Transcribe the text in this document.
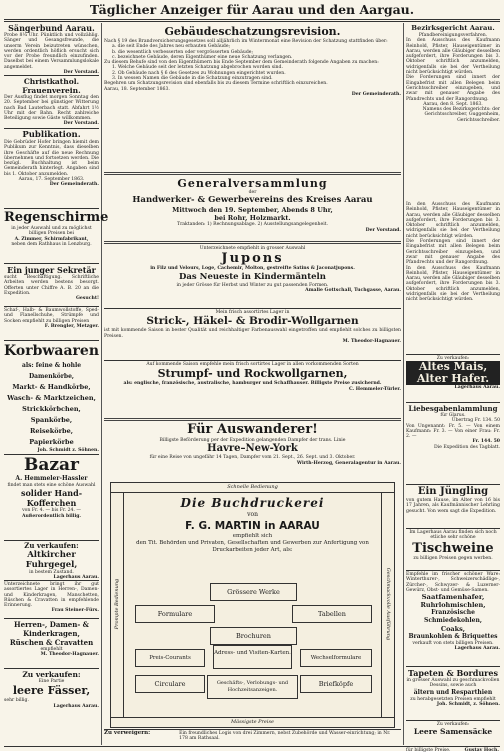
Täglicher Anzeiger für Aarau und den Aargau.

Sängerbund Aarau.

Probe 8¼ Uhr. Pünktlich und vollzählig. Sänger und Gesangsfreunde, die unserm Verein beizutreten wünschen, werden ordentlich höflich ersucht sich vor der Probe freundlich einzufinden. Daselbst bei einem Versammlungslokale angemeldet.

Der Vorstand.

Christkathol. Frauenverein.

Der Ausflug findet morgen Sonntag den 20. September bei günstiger Witterung nach Bad Lauterbach statt. Abfahrt 1½ Uhr mit der Bahn. Recht zahlreiche Beteiligung sowie Gäste willkommen.

Der Vorstand.

Publikation.

Die Gebrüder Hofer bringen hiemit dem Publikum zur Kenntnis, dass dieselben ihre Geschäfte auf die neue Rechnung übernehmen und fortsetzen werden. Die bezügl. Buchhaltung ist beim Gemeinderath hinterlegt. Angaben sind bis 1. Oktober anzumelden.

Aarau, 17. September 1863.

Der Gemeinderath.

Regenschirme

in jeder Auswahl und zu möglichst billigen Preisen bei

A. Zimmer, Schirmfabrikant,

neben dem Rathhaus in Lenzburg.

Ein junger Sekretär

sucht Beschäftigung. Schriftliche Arbeiten werden bestens besorgt. Offerten unter Chiffre A. B. 20 an die Expedition.

Gesucht!

Schaf-, Halb- & Baumwollstoffe, Sped- und Flanellschuhe, Strümpfe und Socken empfiehlt zu billigen Preisen

F. Brengler, Metzger.

Korbwaaren

als: feine & hohle Damenkörbe,

Markt- & Handkörbe,

Wasch- & Marktzeichen,

Strickkörbchen,

Spankörbe,

Reisekörbe,

Papierkörbe

Joh. Schmidt z. Söhnen.

Bazar

A. Hemmeler-Hassler

findet man stets eine schöne Auswahl

solider Hand-Kofferchen

von Fr. 4. — bis Fr. 24. —

Außerordentlich billig.

Zu verkaufen:

Altkircher Fuhrgegel,

in bestem Zustand.

Lagerhaus Aarau.

Unterzeichnete bringt ihr gut assortiertes Lager in Herren-, Damen- und Kinderkragen, Manschetten, Rüschen & Cravatten in empfehlende Erinnerung.

Frau Steiner-Fürs.

Herren-, Damen- & Kinderkragen,

Rüschen & Cravatten

empfiehlt

M. Theodor-Hagnauer.

Zu verkaufen:

Eine Partie

leere Fässer,

sehr billig.

Lagerhaus Aarau.

Gebäudeschatzungsrevision.

Nach § 19 des Brandversicherungsgesetzes soll alljährlich im Wintermonat eine Revision der Schatzung stattfinden über:

a. die seit Ende des Jahres neu erbauten Gebäude;

b. die wesentlich verbesserten oder vergrösserten Gebäude;

c. bezeichnete Gebäude, deren Eigenthümer eine neue Schatzung verlangen.

Zu diesem Behufe sind von den Eigenthümern bis Ende September dem Gemeinderath folgende Angaben zu machen:

1. Welche Gebäude seit der letzten Schatzung abgebrochen worden sind.

2. Ob Gebäude nach § 6 des Gesetzes zu Wohnungen eingerichtet wurden.

3. In wessen Namen die Gebäude in die Schatzung einzutragen sind.

Begehren um Schatzungsrevision sind ebenfalls bis zu diesem Termine schriftlich einzureichen.

Aarau, 18. September 1863.

Der Gemeinderath.

Generalversammlung

der

Handwerker- & Gewerbevereins des Kreises Aarau

Mittwoch den 19. September, Abends 8 Uhr,

bei Rohr, Holzmarkt.

Traktanden: 1) Rechnungsablage. 2) Ausstellungsangelegenheit.

Der Vorstand.

Unterzeichnete empfiehlt in grosser Auswahl

Jupons

in Filz und Velours, Loge, Cachemir, Molton, gestreifte Satins & Jaconatjupons.

Das Neueste in Kindermänteln

in jeder Grösse für Herbst und Winter zu gut passenden Formen.

Amalie Gottschall, Tuchgasse, Aarau.

Mein frisch assortirtes Lager in

Strick-, Häkel- & Brodir-Wollgarnen

ist mit kommende Saison in bester Qualität und reichhaltiger Farbenauswahl eingetroffen und empfiehlt solches zu billigsten Preisen.

M. Theodor-Hagnauer.

Auf kommende Saison empfehle mein frisch sortirtes Lager in allen vorkommenden Sorten

Strumpf- und Rockwollgarnen,

als: englische, französische, australische, hamburger und Schaffhauser. Billigste Preise zusichernd.

C. Hemmeler-Türler.

Für Auswanderer!

Billigste Beförderung per der Expedition gelangenden Dampfer der trans. Linie

Havre–New-York

für eine Reise von ungefähr 14 Tagen, Dampfer vom 21. Sept., 26. Sept. und 3. Oktober.

Wirth-Herzog, Generalagentur in Aarau.

Schnelle Bedienung
Mässigste Preise
Prompte Bedienung	Geschmackvolle Ausführung

Die Buchdruckerei

von

F. G. MARTIN in AARAU

empfiehlt sich

den Tit. Behörden und Privaten, Gesellschaften und Gewerben zur Anfertigung von Druckarbeiten jeder Art, als:

Grössere Werke
Formulare	Tabellen
Brochuren
Preis-Courants
Adress- und Visiten-Karten.
Wechselformulare
Circulare	Briefköpfe
Geschäfts-, Verlobungs- und Hochzeitsanzeigen.

Zu verweigern:

	Ein freundliches Logis von drei Zimmern, nebst Zubehörde und Wasser-einrichtung; in Nr. 178 am Rathsaal.

Bezirksgericht Aarau.

Pfandbereinigungsverfahren.

In den Ausschuss des Kaufmann Reinhold, Pfister, Hauseigentümer in Aarau, werden alle Gläubiger desselben aufgefordert, ihre Forderungen bis 3. Oktober schriftlich anzumelden, widrigenfalls sie bei der Vertheilung nicht berücksichtigt würden.

Die Forderungen sind innert der Eingabefrist mit allen Belegen beim Gerichtsschreiber einzugeben, und zwar mit genauer Angabe des Pfandrechts und der Rangordnung.

Aarau, den 8. Sept. 1863.

Namens des Bezirksgerichts: der Gerichtsschreiber, Guggenheim, Gerichtsschreiber.

In den Ausschuss des Kaufmann Reinhold, Pfister, Hauseigentümer in Aarau, werden alle Gläubiger desselben aufgefordert, ihre Forderungen bis 3. Oktober schriftlich anzumelden, widrigenfalls sie bei der Vertheilung nicht berücksichtigt würden.

Die Forderungen sind innert der Eingabefrist mit allen Belegen beim Gerichtsschreiber einzugeben, und zwar mit genauer Angabe des Pfandrechts und der Rangordnung.

In den Ausschuss des Kaufmann Reinhold, Pfister, Hauseigentümer in Aarau, werden alle Gläubiger desselben aufgefordert, ihre Forderungen bis 3. Oktober schriftlich anzumelden, widrigenfalls sie bei der Vertheilung nicht berücksichtigt würden.

Zu verkaufen:

Altes Mais,

Alter Hafer.

Lagerhaus Aarau.

Liebesgabenlammlung

für Glarus.

Übertrag Fr. 134. 50

Von Ungenannt: Fr. 5. — Von einem Kaufmann: Fr. 3. — Von einer Frau: Fr. 2. —

Fr. 144. 50

Die Expedition des Tagblatt.

Ein Jüngling

von gutem Hause, im Alter von 16 bis 17 Jahren, als Kaufmännischer Lehrling gesucht. Von wem sagt die Expedition.

Im Lagerhaus Aarau finden sich noch etliche sehr schöne

Tischweine

zu billigen Preisen gegen werben.

Empfehle im frischer schöner Ware: Winterthurer-, Schweizerschädlige-, Zürcher-, Schwyzer- & Luzerner-Gewürz, Obst- und Gemüse-Samen.

Saatfamenhafer,

Ruhrlohmischlen,

Französische Schmiedekohlen,

Coaks,

Braunkohlen & Briquettes

verkauft von stets billigen Preisen.

Lagerhaus Aarau.

Tapeten & Bordures

in grosser Auswahl zu geschmackvollen Dessins, sowie auch

ältern und Resparthien

zu herabgesetzten Preisen empfiehlt

Joh. Schmidt, z. Söhnen.

Zu verkaufen:

Leere Samensäcke

für billigste Preise.	Gustav Hoch.
